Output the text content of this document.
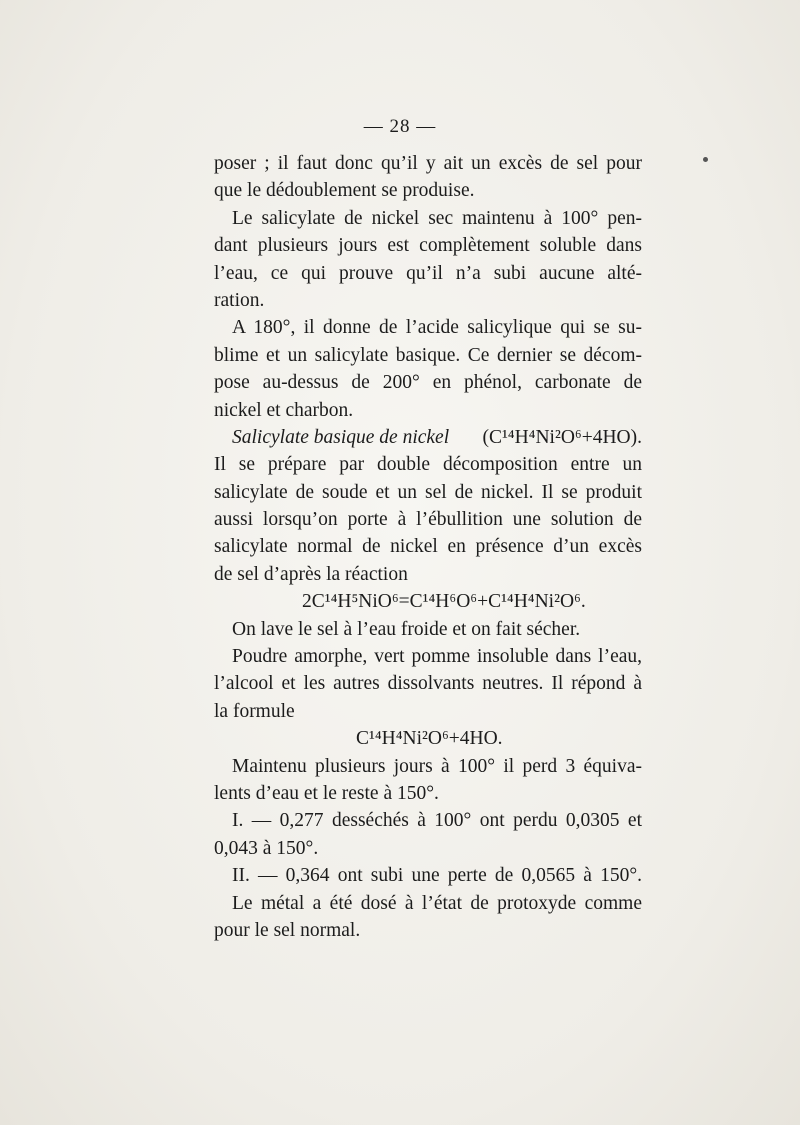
— 28 —
poser ; il faut donc qu’il y ait un excès de sel pour
que le dédoublement se produise.
Le salicylate de nickel sec maintenu à 100° pen-
dant plusieurs jours est complètement soluble dans
l’eau, ce qui prouve qu’il n’a subi aucune alté-
ration.
A 180°, il donne de l’acide salicylique qui se su-
blime et un salicylate basique. Ce dernier se décom-
pose au-dessus de 200° en phénol, carbonate de
nickel et charbon.
Salicylate basique de nickel (C¹⁴H⁴Ni²O⁶+4HO).
Il se prépare par double décomposition entre un
salicylate de soude et un sel de nickel. Il se produit
aussi lorsqu’on porte à l’ébullition une solution de
salicylate normal de nickel en présence d’un excès
de sel d’après la réaction
2C¹⁴H⁵NiO⁶=C¹⁴H⁶O⁶+C¹⁴H⁴Ni²O⁶.
On lave le sel à l’eau froide et on fait sécher.
Poudre amorphe, vert pomme insoluble dans l’eau,
l’alcool et les autres dissolvants neutres. Il répond à
la formule
C¹⁴H⁴Ni²O⁶+4HO.
Maintenu plusieurs jours à 100° il perd 3 équiva-
lents d’eau et le reste à 150°.
I. — 0,277 desséchés à 100° ont perdu 0,0305 et
0,043 à 150°.
II. — 0,364 ont subi une perte de 0,0565 à 150°.
Le métal a été dosé à l’état de protoxyde comme
pour le sel normal.
